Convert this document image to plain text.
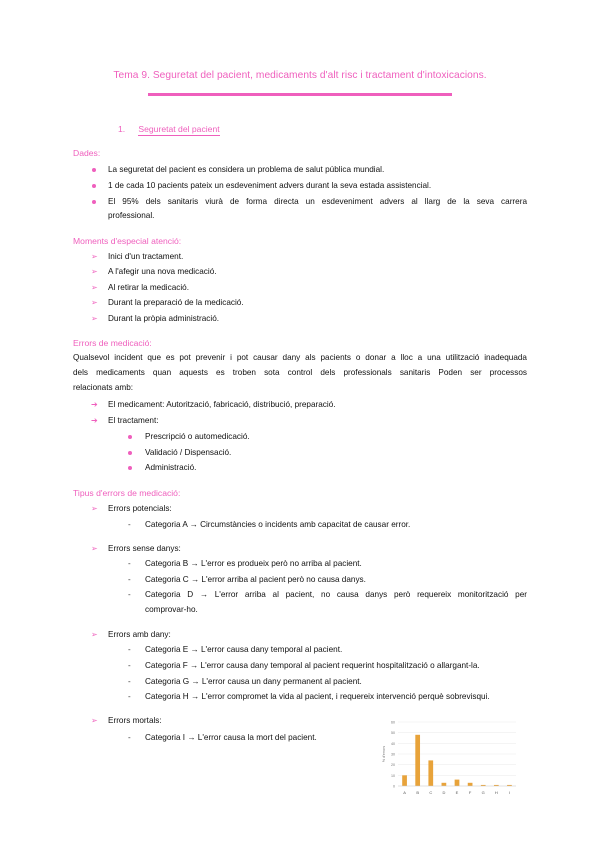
Tema 9. Seguretat del pacient, medicaments d'alt risc i tractament d'intoxicacions.
1. Seguretat del pacient
Dades:
La seguretat del pacient es considera un problema de salut pública mundial.
1 de cada 10 pacients pateix un esdeveniment advers durant la seva estada assistencial.
El 95% dels sanitaris viurà de forma directa un esdeveniment advers al llarg de la seva carrera
professional.
Moments d'especial atenció:
➢ Inici d'un tractament.
➢ A l'afegir una nova medicació.
➢ Al retirar la medicació.
➢ Durant la preparació de la medicació.
➢ Durant la pròpia administració.
Errors de medicació:
Qualsevol incident que es pot prevenir i pot causar dany als pacients o donar a lloc a una utilització inadequada
dels medicaments quan aquests es troben sota control dels professionals sanitaris Poden ser processos
relacionats amb:
➔ El medicament: Autorització, fabricació, distribució, preparació.
➔ El tractament:
Prescripció o automedicació.
Validació / Dispensació.
Administració.
Tipus d'errors de medicació:
➢ Errors potencials:
- Categoria A → Circumstàncies o incidents amb capacitat de causar error.
➢ Errors sense danys:
- Categoria B → L'error es produeix però no arriba al pacient.
- Categoria C → L'error arriba al pacient però no causa danys.
- Categoria D → L'error arriba al pacient, no causa danys però requereix monitorització per
comprovar-ho.
➢ Errors amb dany:
- Categoria E → L'error causa dany temporal al pacient.
- Categoria F → L'error causa dany temporal al pacient requerint hospitalització o allargant-la.
- Categoria G → L'error causa un dany permanent al pacient.
- Categoria H → L'error compromet la vida al pacient, i requereix intervenció perquè sobrevisqui.
➢ Errors mortals:
- Categoria I → L'error causa la mort del pacient.
60
50
40
30
20
10
0
% d'errors
A	B	C	D	E	F	G	H	I
